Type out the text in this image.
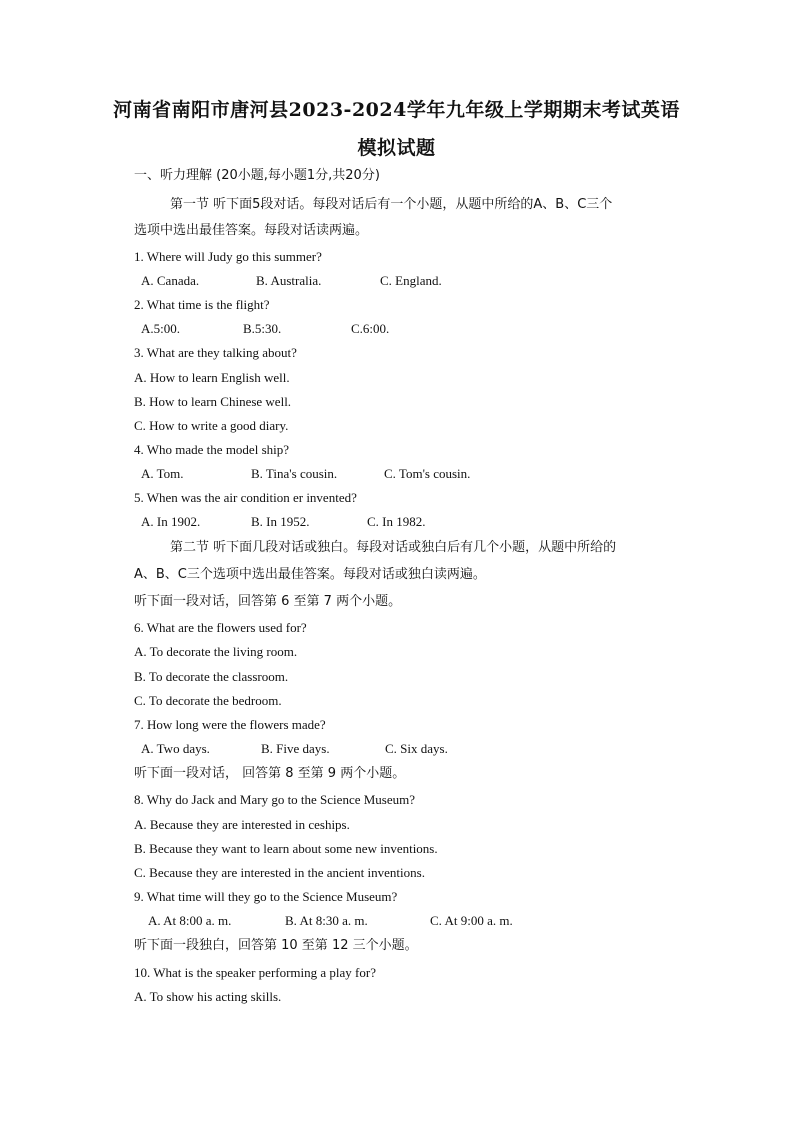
河南省南阳市唐河县2023-2024学年九年级上学期期末考试英语
模拟试题
一、听力理解 (20小题,每小题1分,共20分)
第一节 听下面5段对话。每段对话后有一个小题，从题中所给的A、B、C三个
选项中选出最佳答案。每段对话读两遍。
1. Where will Judy go this summer?
A. Canada.	B. Australia.	C. England.
2. What time is the flight?
A.5:00.	B.5:30.	C.6:00.
3. What are they talking about?
A. How to learn English well.
B. How to learn Chinese well.
C. How to write a good diary.
4. Who made the model ship?
A. Tom.	B. Tina's cousin.	C. Tom's cousin.
5. When was the air condition er invented?
A. In 1902.	B. In 1952.	C. In 1982.
第二节 听下面几段对话或独白。每段对话或独白后有几个小题，从题中所给的
A、B、C三个选项中选出最佳答案。每段对话或独白读两遍。
听下面一段对话，回答第 6 至第 7 两个小题。
6. What are the flowers used for?
A. To decorate the living room.
B. To decorate the classroom.
C. To decorate the bedroom.
7. How long were the flowers made?
A. Two days.	B. Five days.	C. Six days.
听下面一段对话， 回答第 8 至第 9 两个小题。
8. Why do Jack and Mary go to the Science Museum?
A. Because they are interested in ceships.
B. Because they want to learn about some new inventions.
C. Because they are interested in the ancient inventions.
9. What time will they go to the Science Museum?
A. At 8:00 a. m.	B. At 8:30 a. m.	C. At 9:00 a. m.
听下面一段独白，回答第 10 至第 12 三个小题。
10. What is the speaker performing a play for?
A. To show his acting skills.
